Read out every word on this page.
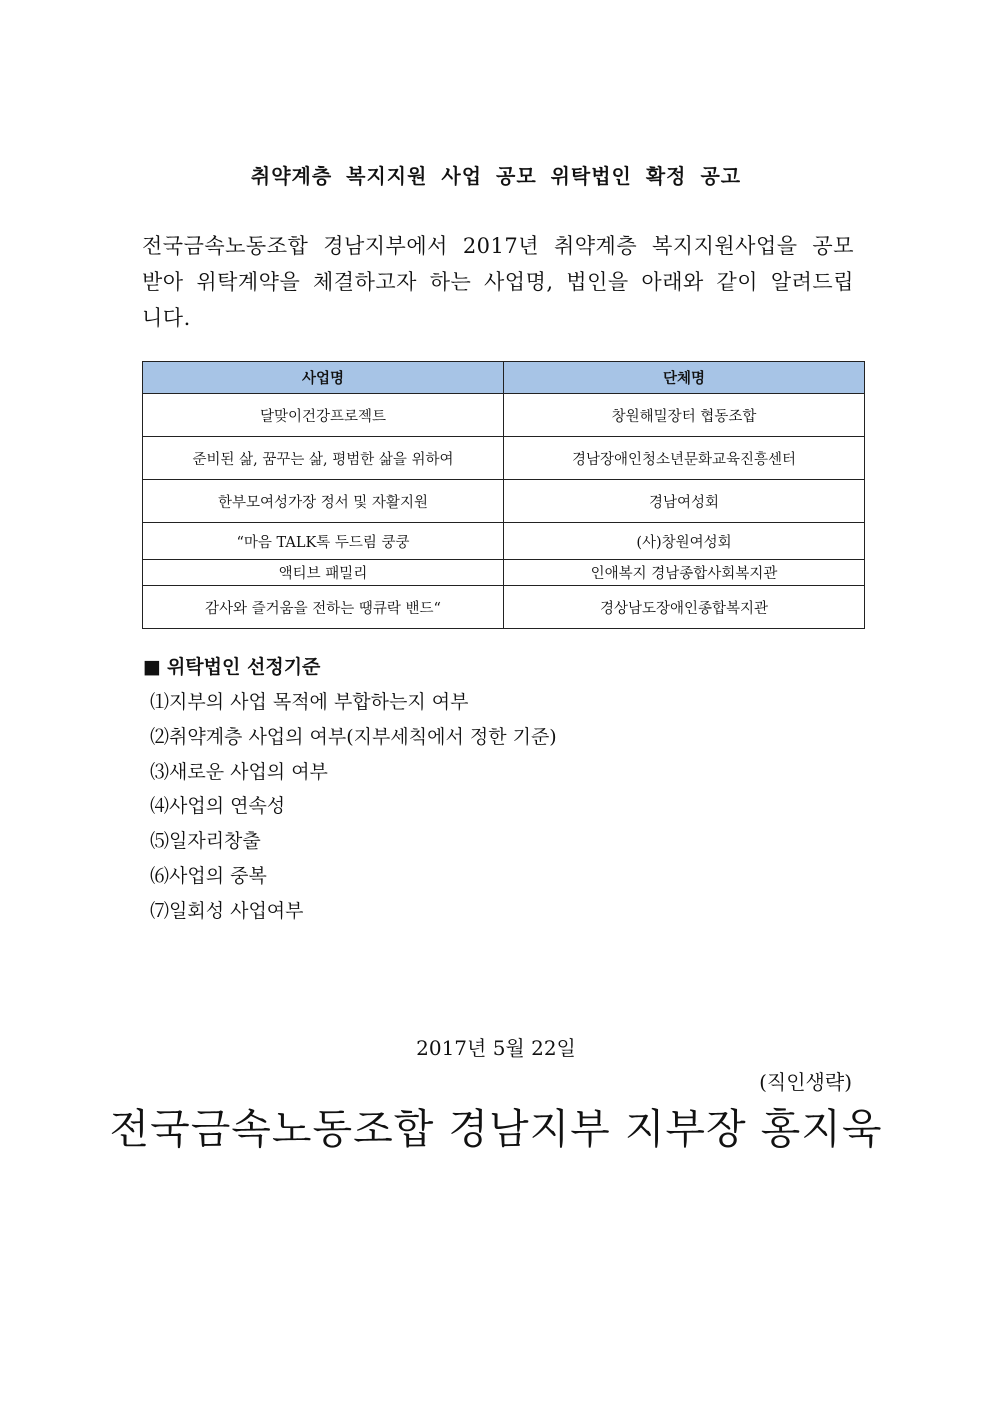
취약계층 복지지원 사업 공모 위탁법인 확정 공고
전국금속노동조합 경남지부에서 2017년 취약계층 복지지원사업을 공모 받아 위탁계약을 체결하고자 하는 사업명, 법인을 아래와 같이 알려드립니다.
사업명	단체명
달맞이건강프로젝트	창원해밀장터 협동조합
준비된 삶, 꿈꾸는 삶, 평범한 삶을 위하여	경남장애인청소년문화교육진흥센터
한부모여성가장 정서 및 자활지원	경남여성회
“마음 TALK톡 두드림 쿵쿵	(사)창원여성회
액티브 패밀리	인애복지 경남종합사회복지관
감사와 즐거움을 전하는 땡큐락 밴드“	경상남도장애인종합복지관
■ 위탁법인 선정기준
⑴지부의 사업 목적에 부합하는지 여부
⑵취약계층 사업의 여부(지부세칙에서 정한 기준)
⑶새로운 사업의 여부
⑷사업의 연속성
⑸일자리창출
⑹사업의 중복
⑺일회성 사업여부
2017년 5월 22일
(직인생략)
전국금속노동조합 경남지부 지부장 홍지욱
